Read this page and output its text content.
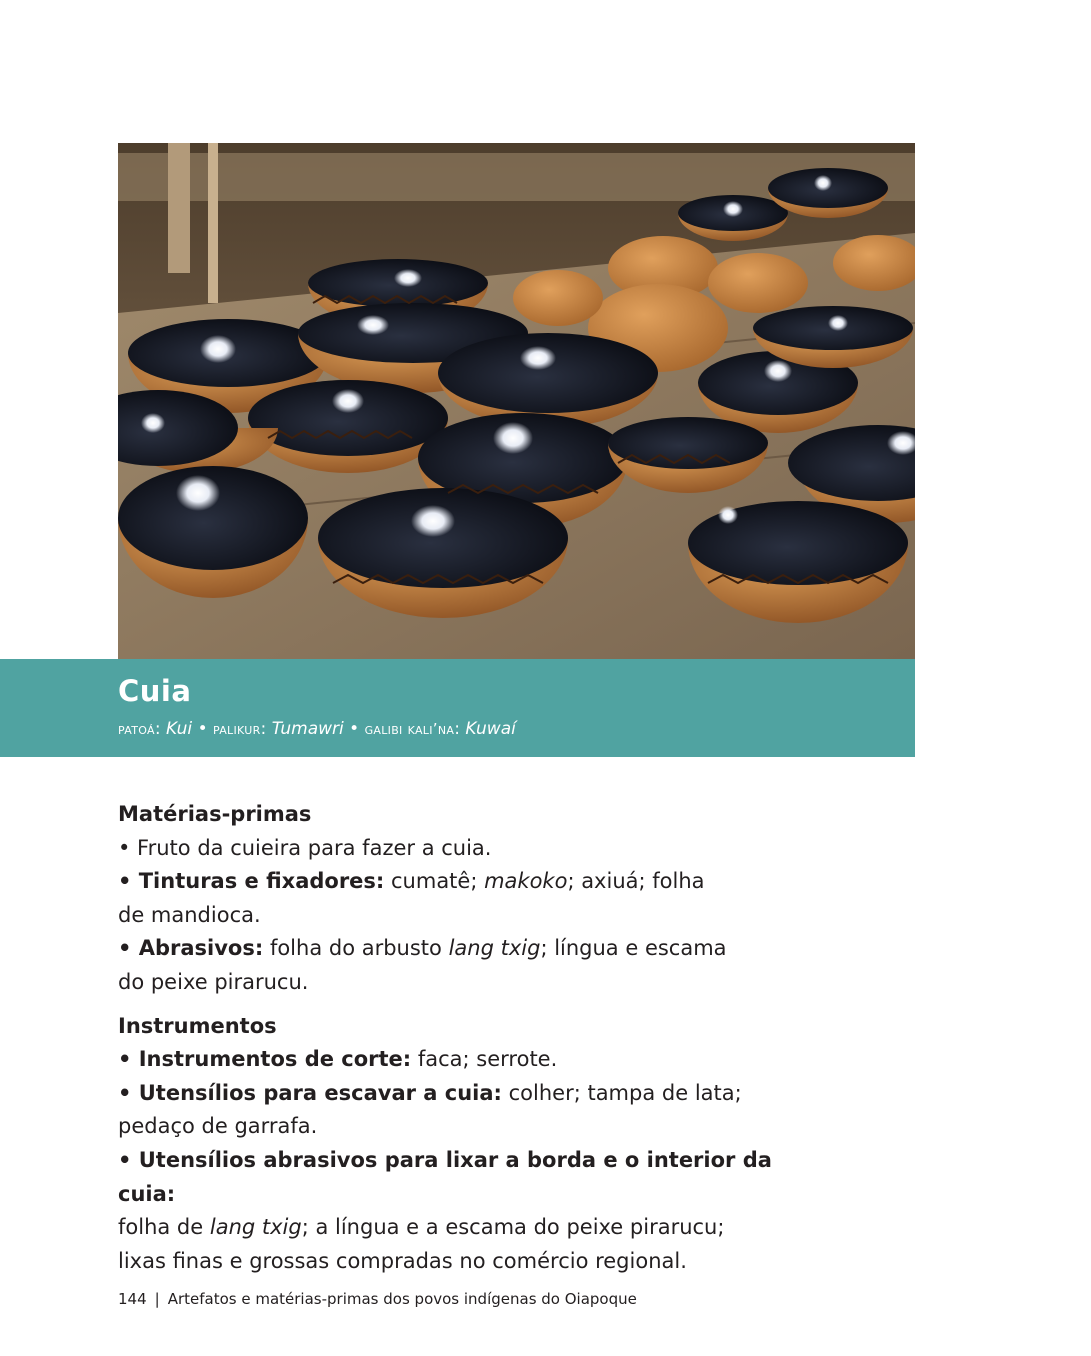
Cuia
patoá: Kui • palikur: Tumawri • galibi kali’na: Kuwaí
Matérias-primas
• Fruto da cuieira para fazer a cuia.
• Tinturas e fixadores: cumatê; makoko; axiuá; folha
de mandioca.
• Abrasivos: folha do arbusto lang txig; língua e escama
do peixe pirarucu.
Instrumentos
• Instrumentos de corte: faca; serrote.
• Utensílios para escavar a cuia: colher; tampa de lata;
pedaço de garrafa.
• Utensílios abrasivos para lixar a borda e o interior da cuia:
folha de lang txig; a língua e a escama do peixe pirarucu;
lixas finas e grossas compradas no comércio regional.
144 | Artefatos e matérias-primas dos povos indígenas do Oiapoque
